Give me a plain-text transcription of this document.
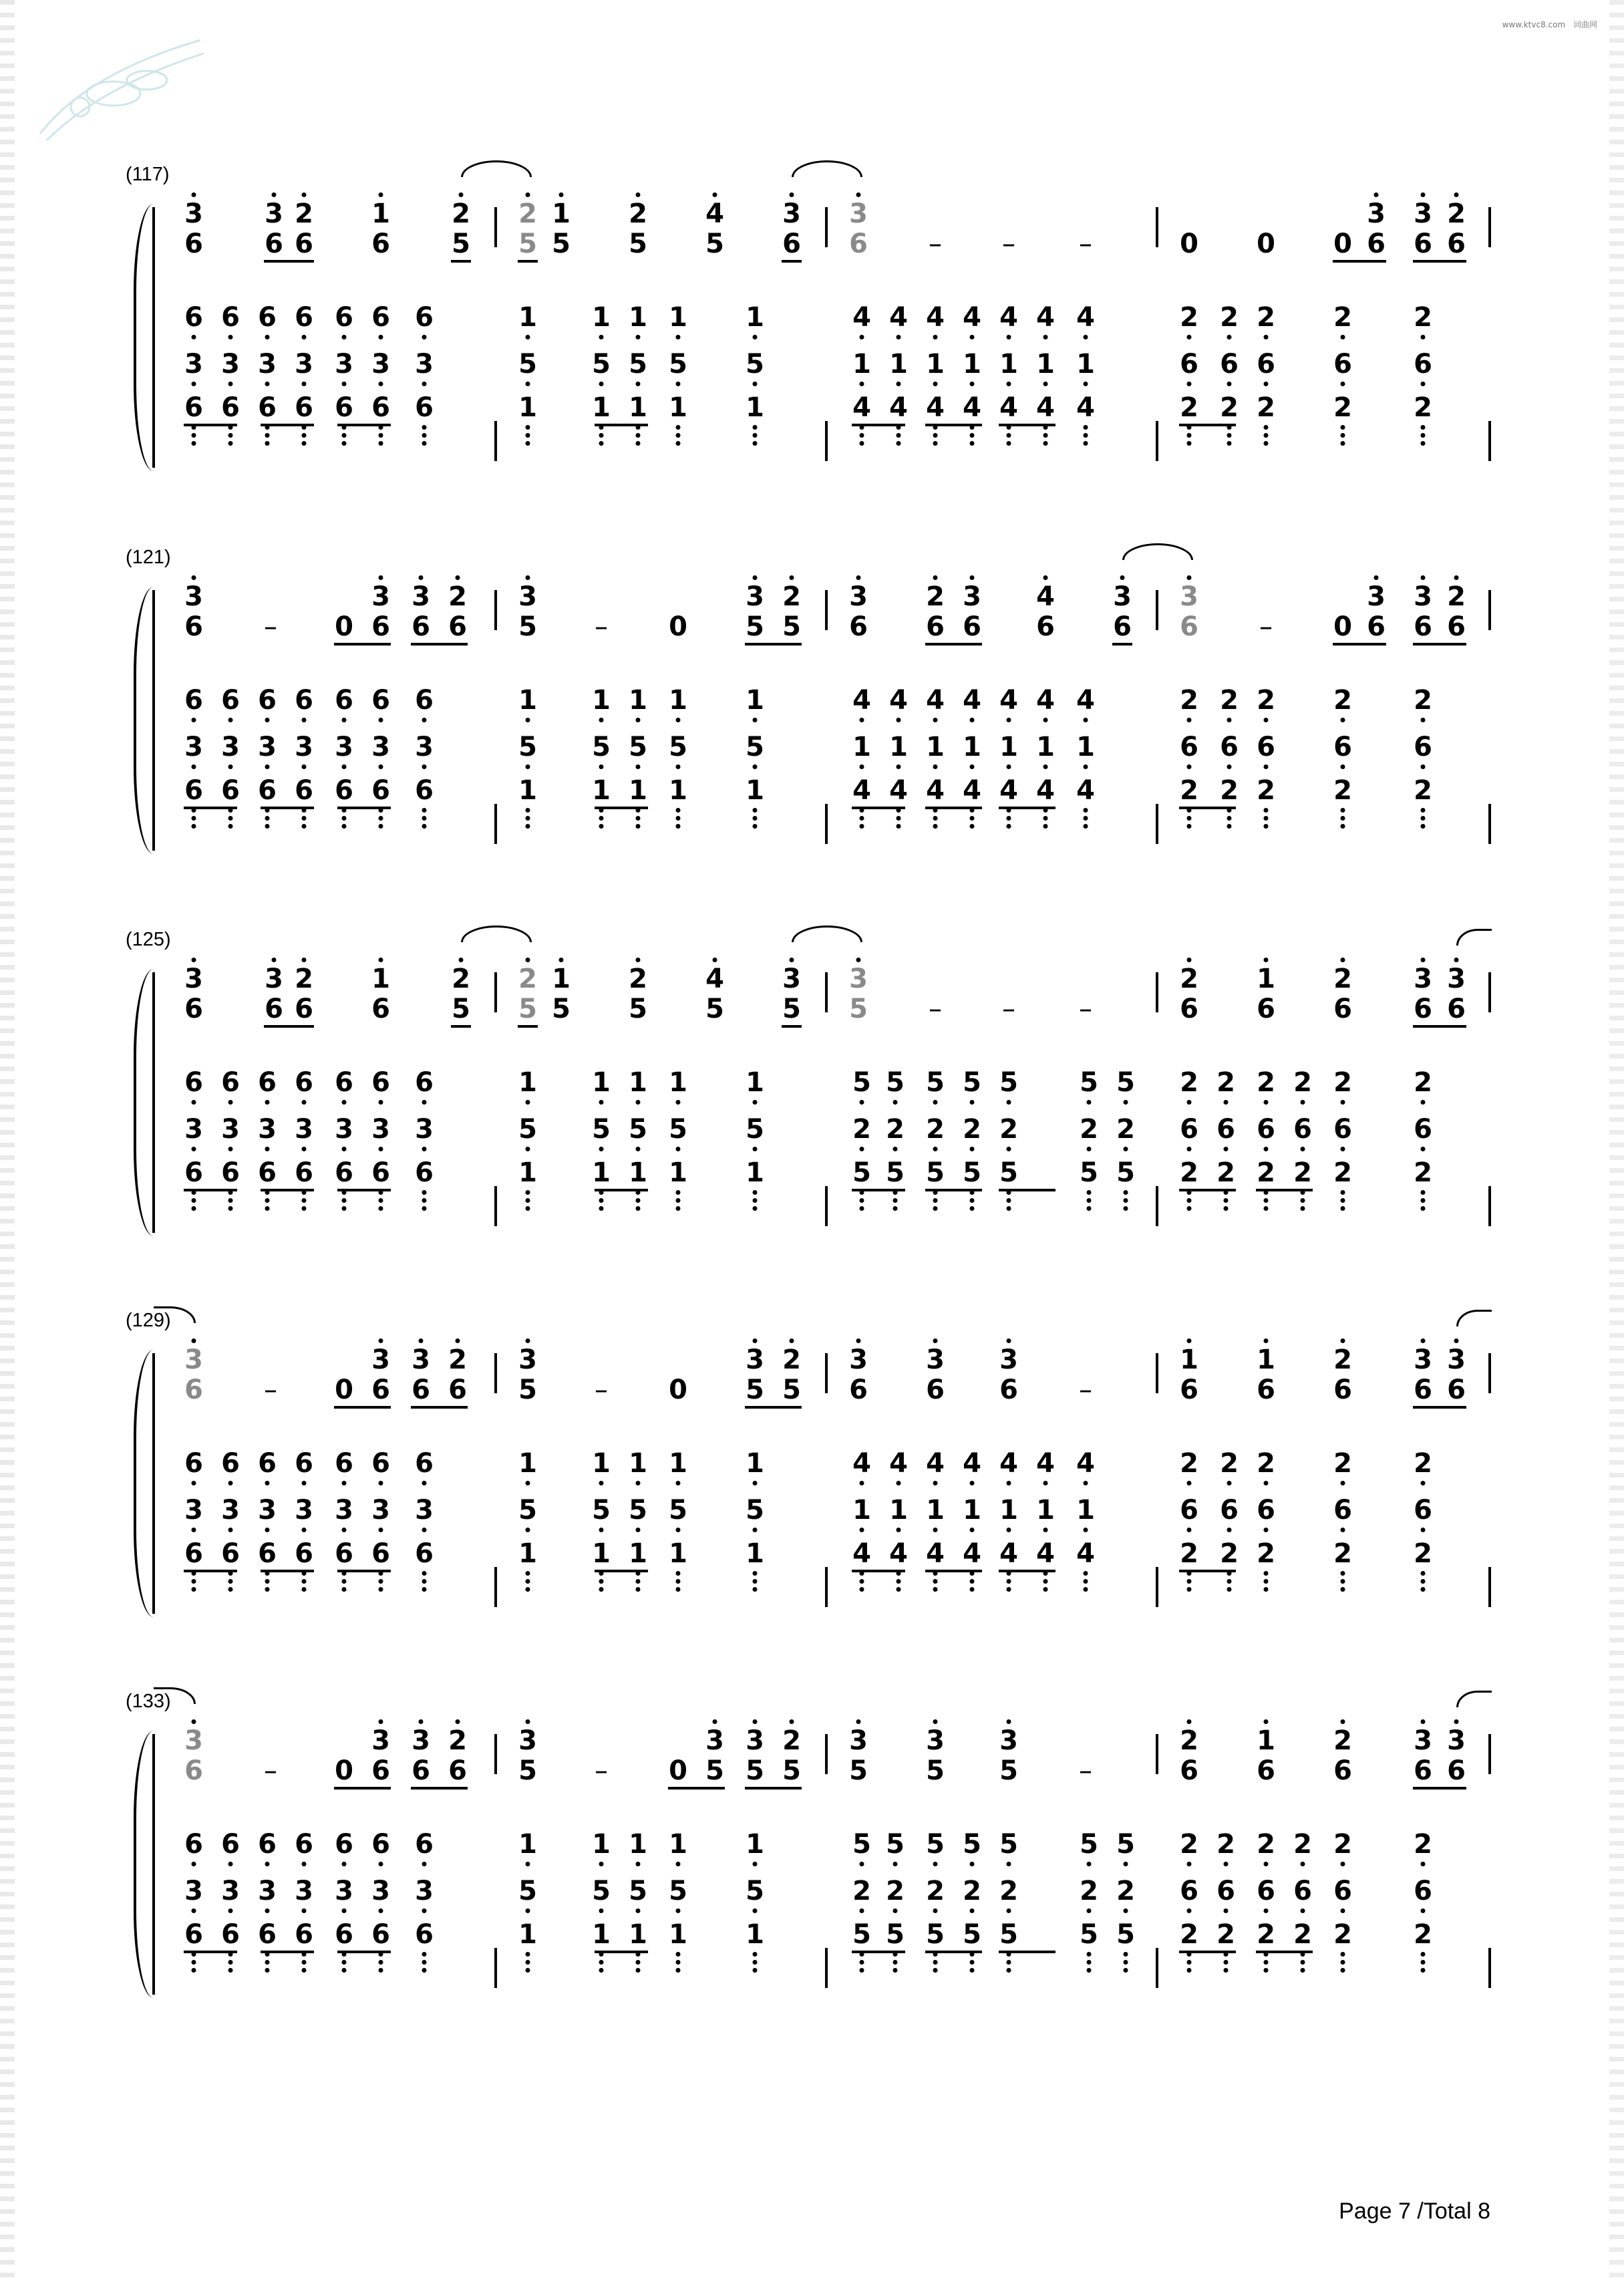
www.ktvc8.com 词曲网
(117)
6
3
6
6
3
6
6
3
6
6
3
6
6
3
6
6
3
6
6
3
6
1
5
1
1
5
1
1
5
1
1
5
1
1
5
1
4
1
4
4
1
4
4
1
4
4
1
4
4
1
4
4
1
4
4
1
4
2
6
2
2
6
2
2
6
2
2
6
2
2
6
2
3
6
3 2
6 6
1
6
2
5
2
5
1
5
2
5
4
5
3
6
3
6 – – –	0 0 0 6
3 3 2
6 6
(121)
6
3
6
6
3
6
6
3
6
6
3
6
6
3
6
6
3
6
6
3
6
1
5
1
1
5
1
1
5
1
1
5
1
1
5
1
4
1
4
4
1
4
4
1
4
4
1
4
4
1
4
4
1
4
4
1
4
2
6
2
2
6
2
2
6
2
2
6
2
2
6
2
3
6 – 0 6
3 3 2
6 6
3
5 – 0
3 2
5 5
3
6
2 3
6 6
4
6
3
6
3
6 – 0 6
3 3 2
6 6
(125)
6
3
6
6
3
6
6
3
6
6
3
6
6
3
6
6
3
6
6
3
6
1
5
1
1
5
1
1
5
1
1
5
1
1
5
1
5
2
5
5
2
5
5
2
5
5
2
5
5
2
5
5
2
5
5
2
5
2
6
2
2
6
2
2
6
2
2
6
2
2
6
2
2
6
2
3
6
3 2
6 6
1
6
2
5
2
5
1
5
2
5
4
5
3
5
3
5 – – –
2
6
1
6
2
6
3 3
6 6
(129)
6
3
6
6
3
6
6
3
6
6
3
6
6
3
6
6
3
6
6
3
6
1
5
1
1
5
1
1
5
1
1
5
1
1
5
1
4
1
4
4
1
4
4
1
4
4
1
4
4
1
4
4
1
4
4
1
4
2
6
2
2
6
2
2
6
2
2
6
2
2
6
2
3
6 – 0 6
3 3 2
6 6
3
5 – 0
3 2
5 5
3
6
3
6
3
6 –
1
6
1
6
2
6
3 3
6 6
(133)
6
3
6
6
3
6
6
3
6
6
3
6
6
3
6
6
3
6
6
3
6
1
5
1
1
5
1
1
5
1
1
5
1
1
5
1
5
2
5
5
2
5
5
2
5
5
2
5
5
2
5
5
2
5
5
2
5
2
6
2
2
6
2
2
6
2
2
6
2
2
6
2
2
6
2
3
6 – 0 6
3 3 2
6 6
3
5 – 0 5
3 3 2
5 5
3
5
3
5
3
5 –
2
6
1
6
2
6
3 3
6 6
Page 7 /Total 8
